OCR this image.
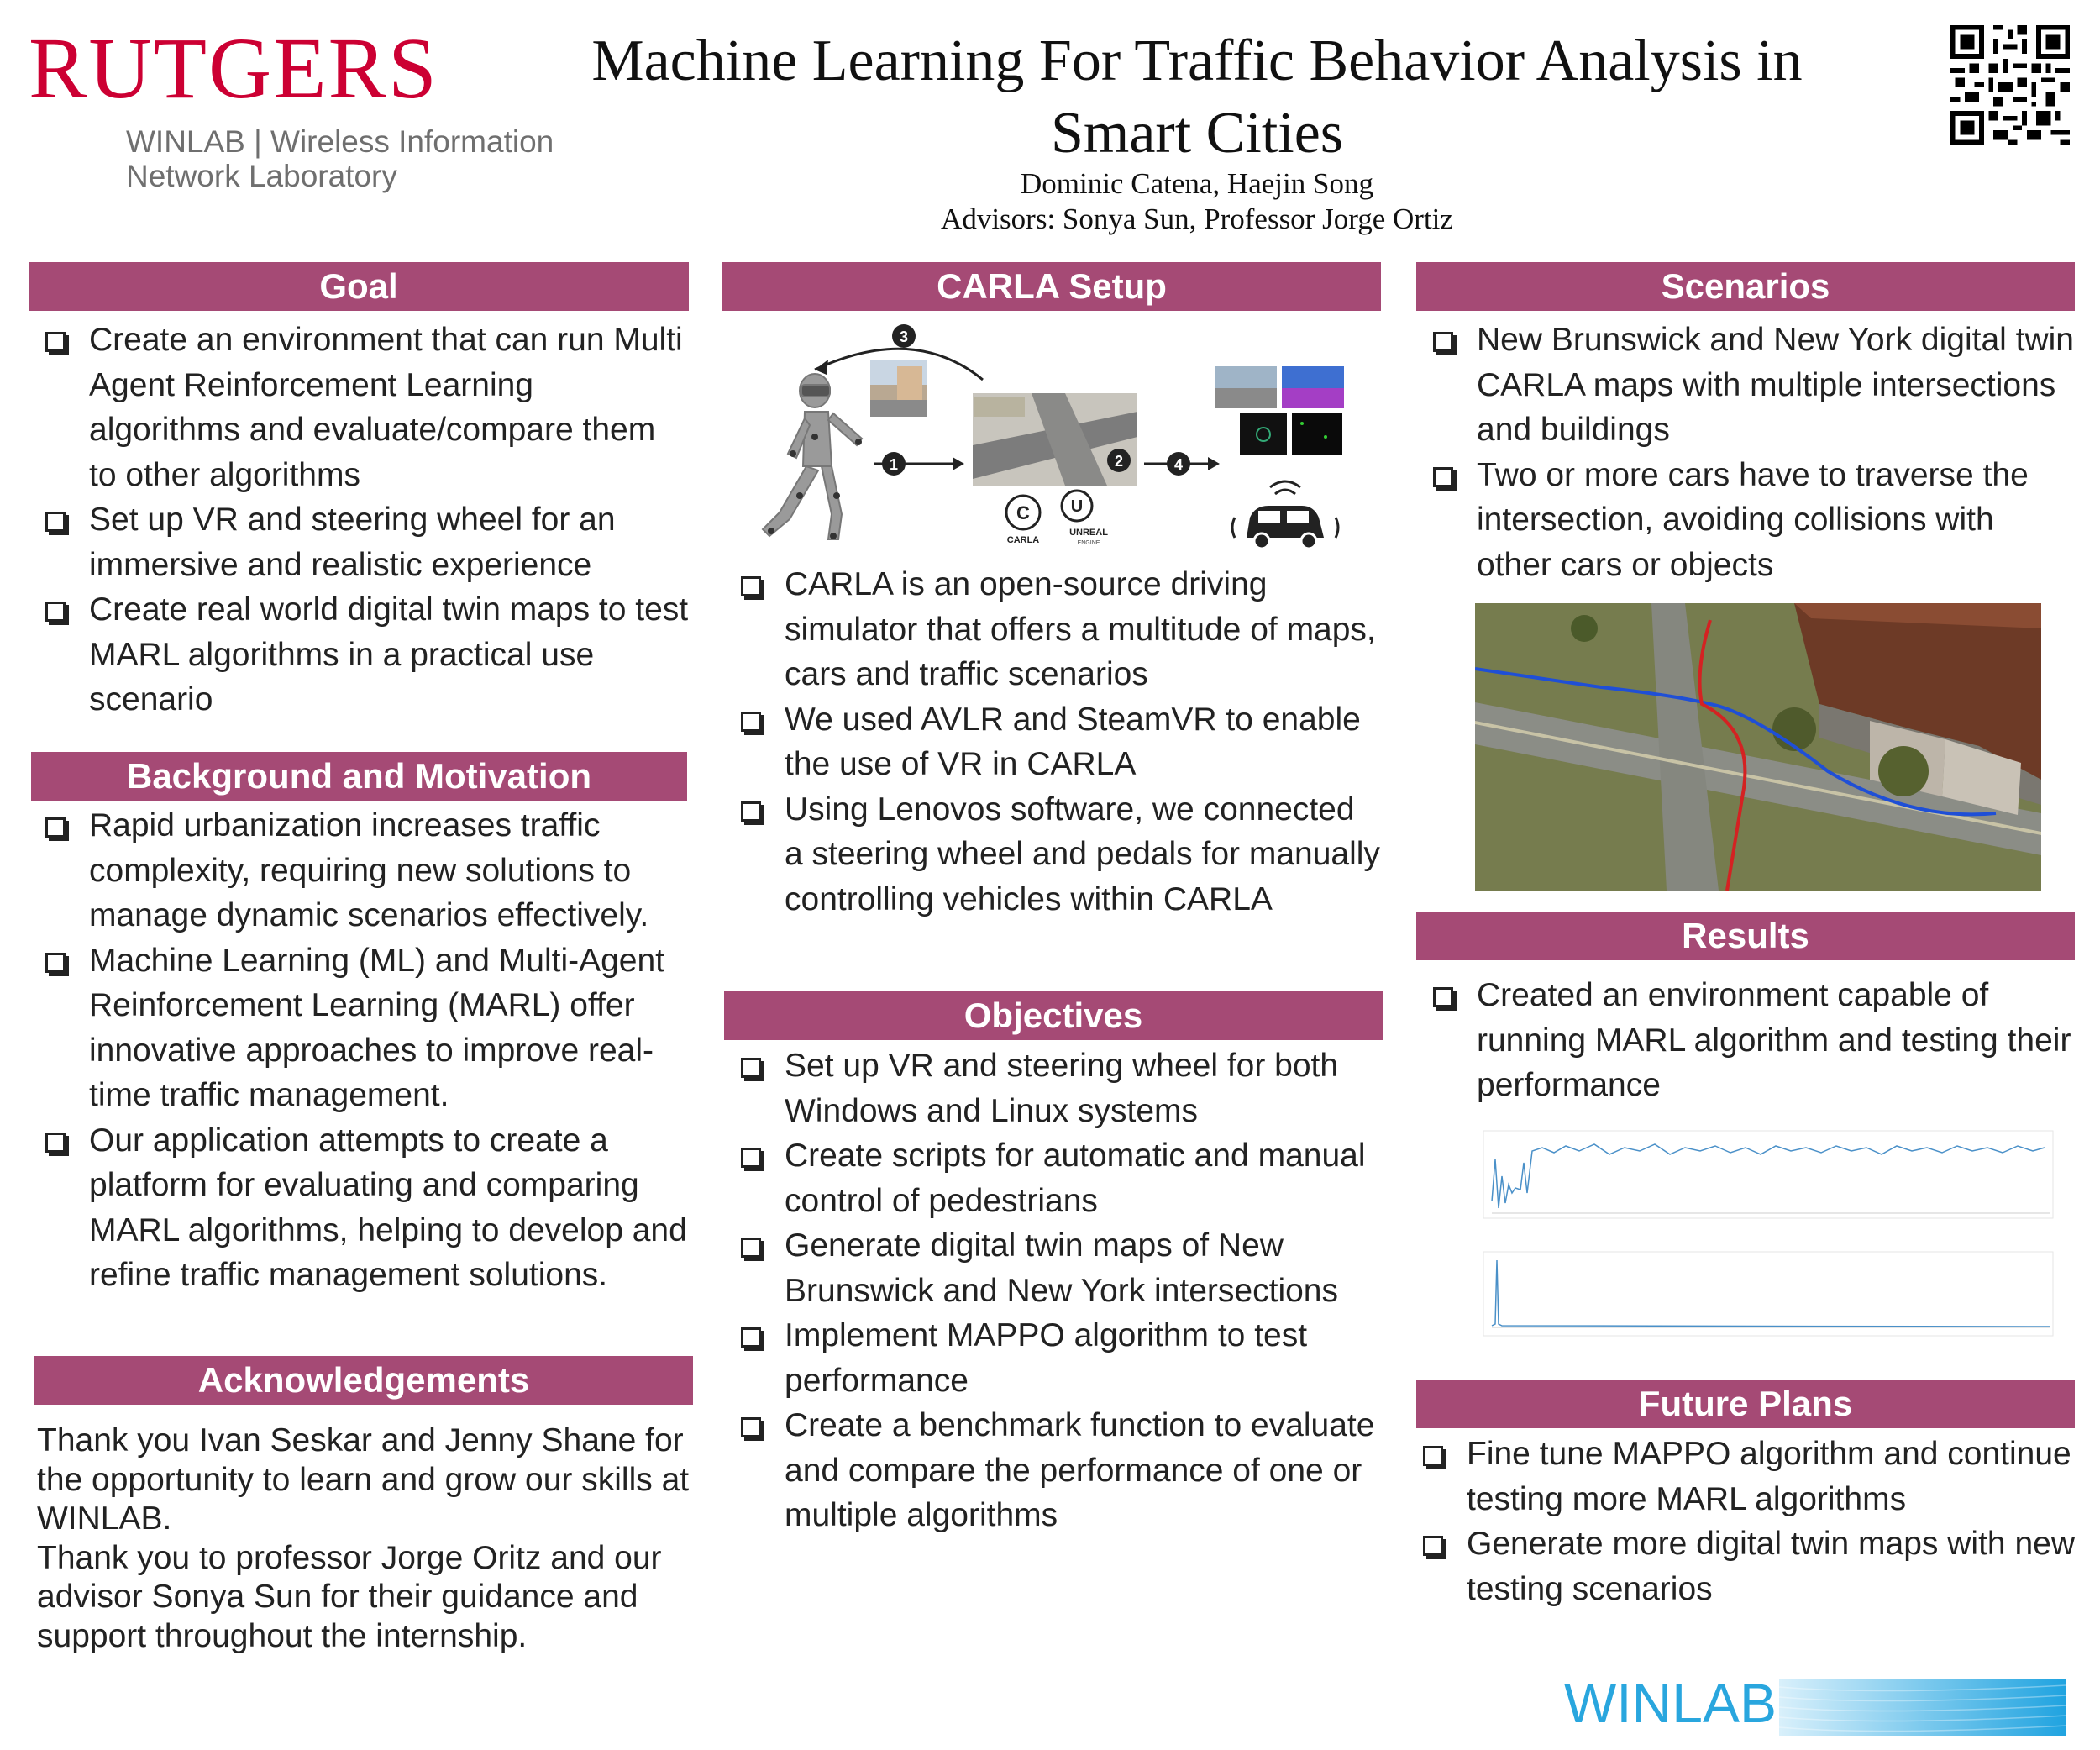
RUTGERS
WINLAB | Wireless Information
Network Laboratory
Machine Learning For Traffic Behavior Analysis in
Smart Cities
Dominic Catena, Haejin Song
Advisors: Sonya Sun, Professor Jorge Ortiz
Goal
Create an environment that can run Multi Agent Reinforcement Learning algorithms and evaluate/compare them to other algorithms
Set up VR and steering wheel for an immersive and realistic experience
Create real world digital twin maps to test MARL algorithms in a practical use scenario
Background and Motivation
Rapid urbanization increases traffic complexity, requiring new solutions to manage dynamic scenarios effectively.
Machine Learning (ML) and Multi-Agent Reinforcement Learning (MARL) offer innovative approaches to improve real-time traffic management.
Our application attempts to create a platform for evaluating and comparing MARL algorithms, helping to develop and refine traffic management solutions.
Acknowledgements
Thank you Ivan Seskar and Jenny Shane for the opportunity to learn and grow our skills at WINLAB.
Thank you to professor Jorge Oritz and our advisor Sonya Sun for their guidance and support throughout the internship.
CARLA Setup
3
1
C
CARLA
U
UNREAL
ENGINE
2	4
CARLA is an open-source driving simulator that offers a multitude of maps, cars and traffic scenarios
We used AVLR and SteamVR to enable the use of VR in CARLA
Using Lenovos software, we connected a steering wheel and pedals for manually controlling vehicles within CARLA
Objectives
Set up VR and steering wheel for both Windows and Linux systems
Create scripts for automatic and manual control of pedestrians
Generate digital twin maps of New Brunswick and New York intersections
Implement MAPPO algorithm to test performance
Create a benchmark function to evaluate and compare the performance of one or multiple algorithms
Scenarios
New Brunswick and New York digital twin CARLA maps with multiple intersections and buildings
Two or more cars have to traverse the intersection, avoiding collisions with other cars or objects
Results
Created an environment capable of running MARL algorithm and testing their performance
Future Plans
Fine tune MAPPO algorithm and continue testing more MARL algorithms
Generate more digital twin maps with new testing scenarios
WINLAB
